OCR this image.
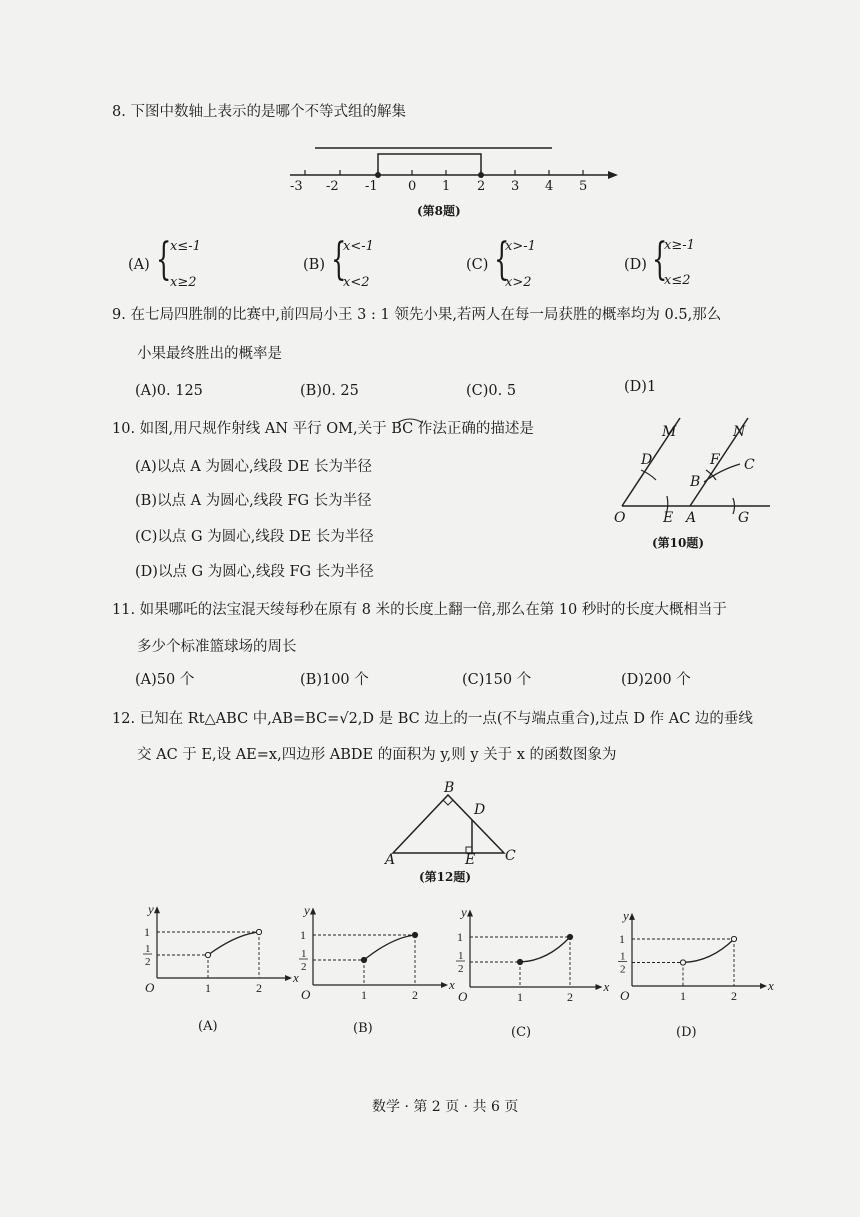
8. 下图中数轴上表示的是哪个不等式组的解集
-3 -2 -1 0 1 2 3 4 5
(第8题)
(A) {
x≤-1
x≥2
(B) {
x<-1
x<2
(C) {
x>-1
x>2
(D) {
x≥-1
x≤2
9. 在七局四胜制的比赛中,前四局小王 3 : 1 领先小果,若两人在每一局获胜的概率均为 0.5,那么
小果最终胜出的概率是
(A)0. 125	(B)0. 25	(C)0. 5	(D)1
10. 如图,用尺规作射线 AN 平行 OM,关于 BC 作法正确的描述是
(A)以点 A 为圆心,线段 DE 长为半径
(B)以点 A 为圆心,线段 FG 长为半径
(C)以点 G 为圆心,线段 DE 长为半径
(D)以点 G 为圆心,线段 FG 长为半径
M	N
D	F C
B
O	E A	G
(第10题)
11. 如果哪吒的法宝混天绫每秒在原有 8 米的长度上翻一倍,那么在第 10 秒时的长度大概相当于
多少个标准篮球场的周长
(A)50 个	(B)100 个	(C)150 个	(D)200 个
12. 已知在 Rt△ABC 中,AB=BC=√2,D 是 BC 边上的一点(不与端点重合),过点 D 作 AC 边的垂线
交 AC 于 E,设 AE=x,四边形 ABDE 的面积为 y,则 y 关于 x 的函数图象为
B
D
A	E C
(第12题)
y
x
O	1	2
1
1
2
y
x
O	1	2
1
1
2
y
x
O	1	2
1
1
2
y
x
O	1	2
1
1
2
(A)	(B)	(C)	(D)
数学 · 第 2 页 · 共 6 页
